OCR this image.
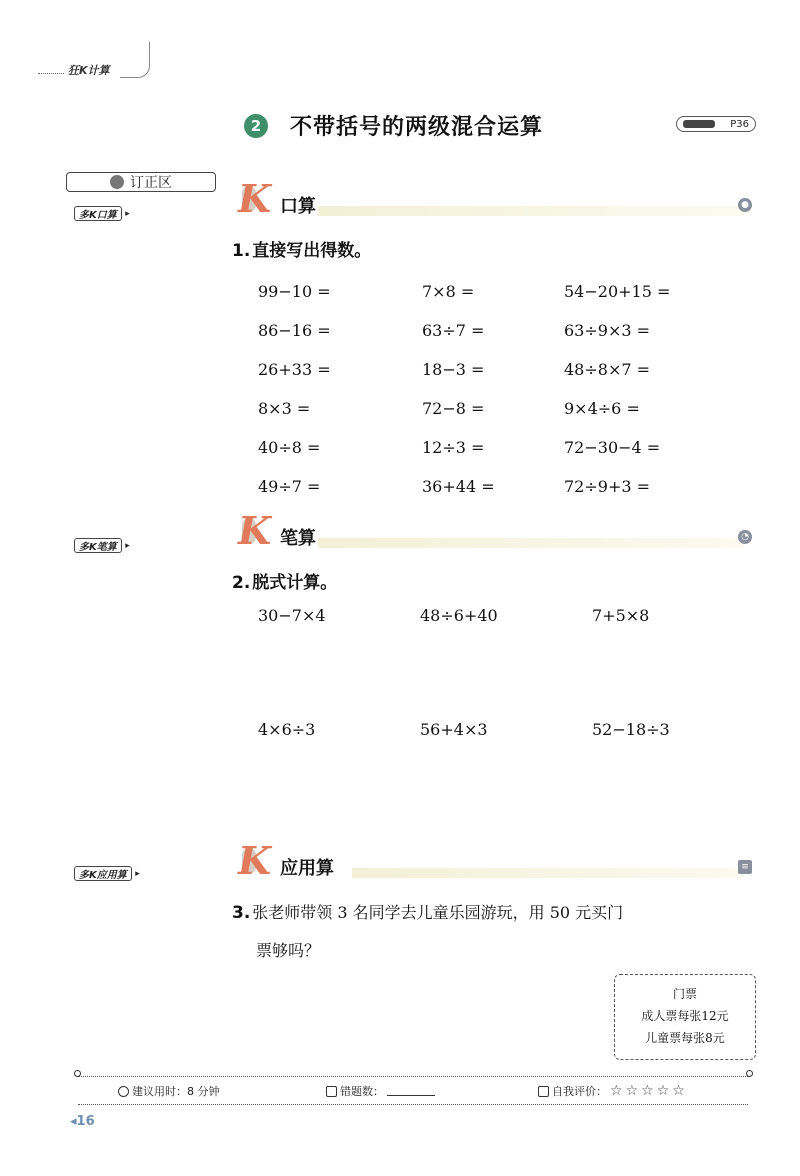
狂K计算
2	不带括号的两级混合运算	P36
订正区
多K口算
▸
多K笔算
▸
多K应用算
▸
K 口算	●
1. 直接写出得数。
99−10 =	7×8 =	54−20+15 =
86−16 =	63÷7 =	63÷9×3 =
26+33 =	18−3 =	48÷8×7 =
8×3 =	72−8 =	9×4÷6 =
40÷8 =	12÷3 =	72−30−4 =
49÷7 =	36+44 =	72÷9+3 =
K 笔算	◔
2. 脱式计算。
30−7×4	48÷6+40	7+5×8
4×6÷3	56+4×3	52−18÷3
K 应用算	≡
3. 张老师带领 3 名同学去儿童乐园游玩，用 50 元买门
票够吗？
门票
成人票每张12元
儿童票每张8元
建议用时：8 分钟	错题数：	自我评价： ☆ ☆ ☆ ☆ ☆
◂16
